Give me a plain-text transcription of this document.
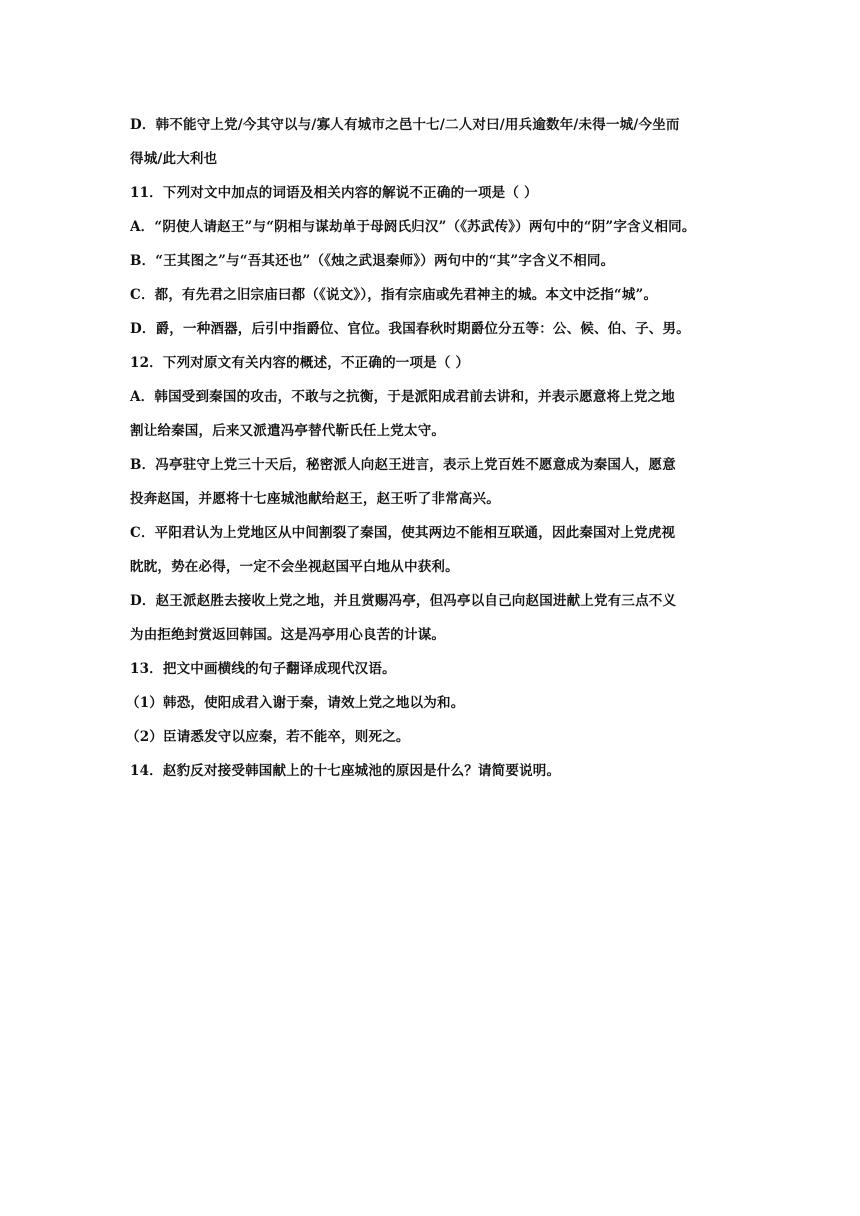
D．韩不能守上党/今其守以与/寡人有城市之邑十七/二人对曰/用兵逾数年/未得一城/今坐而
得城/此大利也
11．下列对文中加点的词语及相关内容的解说不正确的一项是（ ）
A．“阴使人请赵王”与“阴相与谋劫单于母阏氏归汉”（《苏武传》）两句中的“阴”字含义相同。
B．“王其图之”与“吾其还也”（《烛之武退秦师》）两句中的“其”字含义不相同。
C．都，有先君之旧宗庙曰都（《说文》），指有宗庙或先君神主的城。本文中泛指“城”。
D．爵，一种酒器，后引中指爵位、官位。我国春秋时期爵位分五等：公、候、伯、子、男。
12．下列对原文有关内容的概述，不正确的一项是（ ）
A．韩国受到秦国的攻击，不敢与之抗衡，于是派阳成君前去讲和，并表示愿意将上党之地
割让给秦国，后来又派遣冯亭替代靳氏任上党太守。
B．冯亭驻守上党三十天后，秘密派人向赵王进言，表示上党百姓不愿意成为秦国人，愿意
投奔赵国，并愿将十七座城池献给赵王，赵王听了非常高兴。
C．平阳君认为上党地区从中间割裂了秦国，使其两边不能相互联通，因此秦国对上党虎视
眈眈，势在必得，一定不会坐视赵国平白地从中获利。
D．赵王派赵胜去接收上党之地，并且赏赐冯亭，但冯亭以自己向赵国进献上党有三点不义
为由拒绝封赏返回韩国。这是冯亭用心良苦的计谋。
13．把文中画横线的句子翻译成现代汉语。
（1）韩恐，使阳成君入谢于秦，请效上党之地以为和。
（2）臣请悉发守以应秦，若不能卒，则死之。
14．赵豹反对接受韩国献上的十七座城池的原因是什么？请简要说明。
